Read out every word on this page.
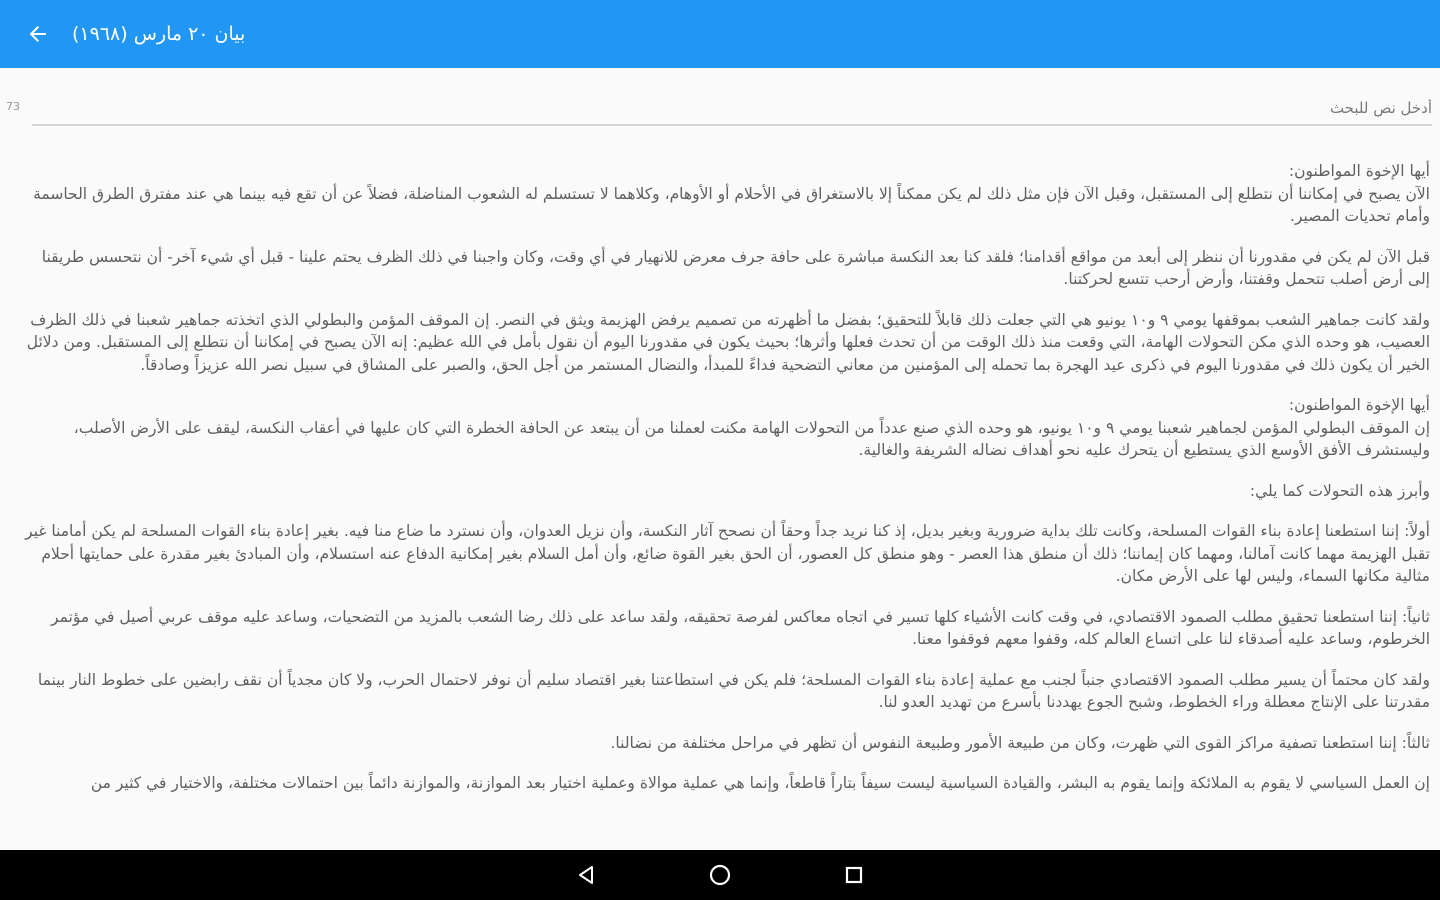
بيان ٢٠ مارس (١٩٦٨)
أدخل نص للبحث
73

أيها الإخوة المواطنون:
الآن يصبح في إمكاننا أن نتطلع إلى المستقبل، وقبل الآن فإن مثل ذلك لم يكن ممكناً إلا بالاستغراق في الأحلام أو الأوهام، وكلاهما لا تستسلم له الشعوب المناضلة، فضلاً عن أن تقع فيه بينما هي عند مفترق الطرق الحاسمة وأمام تحديات المصير.

قبل الآن لم يكن في مقدورنا أن ننظر إلى أبعد من مواقع أقدامنا؛ فلقد كنا بعد النكسة مباشرة على حافة جرف معرض للانهيار في أي وقت، وكان واجبنا في ذلك الظرف يحتم علينا - قبل أي شيء آخر- أن نتحسس طريقنا إلى أرض أصلب تتحمل وقفتنا، وأرض أرحب تتسع لحركتنا.

ولقد كانت جماهير الشعب بموقفها يومي ٩ و١٠ يونيو هي التي جعلت ذلك قابلاً للتحقيق؛ بفضل ما أظهرته من تصميم يرفض الهزيمة ويثق في النصر. إن الموقف المؤمن والبطولي الذي اتخذته جماهير شعبنا في ذلك الظرف العصيب، هو وحده الذي مكن التحولات الهامة، التي وقعت منذ ذلك الوقت من أن تحدث فعلها وأثرها؛ بحيث يكون في مقدورنا اليوم أن نقول بأمل في الله عظيم: إنه الآن يصبح في إمكاننا أن نتطلع إلى المستقبل. ومن دلائل الخير أن يكون ذلك في مقدورنا اليوم في ذكرى عيد الهجرة بما تحمله إلى المؤمنين من معاني التضحية فداءً للمبدأ، والنضال المستمر من أجل الحق، والصبر على المشاق في سبيل نصر الله عزيزاً وصادقاً.

أيها الإخوة المواطنون:
إن الموقف البطولي المؤمن لجماهير شعبنا يومي ٩ و١٠ يونيو، هو وحده الذي صنع عدداً من التحولات الهامة مكنت لعملنا من أن يبتعد عن الحافة الخطرة التي كان عليها في أعقاب النكسة، ليقف على الأرض الأصلب، وليستشرف الأفق الأوسع الذي يستطيع أن يتحرك عليه نحو أهداف نضاله الشريفة والغالية.

وأبرز هذه التحولات كما يلي:

أولاً: إننا استطعنا إعادة بناء القوات المسلحة، وكانت تلك بداية ضرورية وبغير بديل، إذ كنا نريد جداً وحقاً أن نصحح آثار النكسة، وأن نزيل العدوان، وأن نسترد ما ضاع منا فيه. بغير إعادة بناء القوات المسلحة لم يكن أمامنا غير تقبل الهزيمة مهما كانت آمالنا، ومهما كان إيماننا؛ ذلك أن منطق هذا العصر - وهو منطق كل العصور، أن الحق بغير القوة ضائع، وأن أمل السلام بغير إمكانية الدفاع عنه استسلام، وأن المبادئ بغير مقدرة على حمايتها أحلام مثالية مكانها السماء، وليس لها على الأرض مكان.

ثانياً: إننا استطعنا تحقيق مطلب الصمود الاقتصادي، في وقت كانت الأشياء كلها تسير في اتجاه معاكس لفرصة تحقيقه، ولقد ساعد على ذلك رضا الشعب بالمزيد من التضحيات، وساعد عليه موقف عربي أصيل في مؤتمر الخرطوم، وساعد عليه أصدقاء لنا على اتساع العالم كله، وقفوا معهم فوقفوا معنا.

ولقد كان محتماً أن يسير مطلب الصمود الاقتصادي جنباً لجنب مع عملية إعادة بناء القوات المسلحة؛ فلم يكن في استطاعتنا بغير اقتصاد سليم أن نوفر لاحتمال الحرب، ولا كان مجدياً أن نقف رابضين على خطوط النار بينما مقدرتنا على الإنتاج معطلة وراء الخطوط، وشبح الجوع يهددنا بأسرع من تهديد العدو لنا.

ثالثاً: إننا استطعنا تصفية مراكز القوى التي ظهرت، وكان من طبيعة الأمور وطبيعة النفوس أن تظهر في مراحل مختلفة من نضالنا.

إن العمل السياسي لا يقوم به الملائكة وإنما يقوم به البشر، والقيادة السياسية ليست سيفاً بتاراً قاطعاً، وإنما هي عملية موالاة وعملية اختيار بعد الموازنة، والموازنة دائماً بين احتمالات مختلفة، والاختيار في كثير من
